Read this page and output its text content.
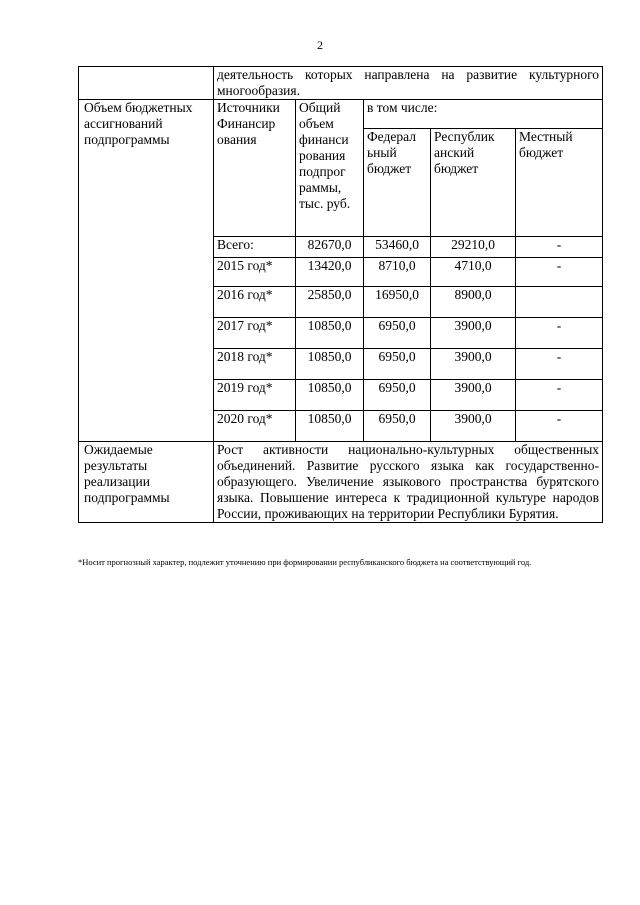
2
	деятельность которых направлена на развитие культурного многообразия.				
Объем бюджетных ассигнований подпрограммы	Источники Финансир ования	Общий объем финанси рования подпрог раммы, тыс. руб.	в том числе:		
			Федерал ьный бюджет	Республик анский бюджет	Местный бюджет
	Всего:	82670,0	53460,0	29210,0	-
	2015 год*	13420,0	8710,0	4710,0	-
	2016 год*	25850,0	16950,0	8900,0	
	2017 год*	10850,0	6950,0	3900,0	-
	2018 год*	10850,0	6950,0	3900,0	-
	2019 год*	10850,0	6950,0	3900,0	-
	2020 год*	10850,0	6950,0	3900,0	-
Ожидаемые результаты реализации подпрограммы	Рост активности национально-культурных общественных объединений. Развитие русского языка как государственно-образующего. Увеличение языкового пространства бурятского языка. Повышение интереса к традиционной культуре народов России, проживающих на территории Республики Бурятия.				
*Носит прогнозный характер, подлежит уточнению при формировании республиканского бюджета на соответствующий год.
